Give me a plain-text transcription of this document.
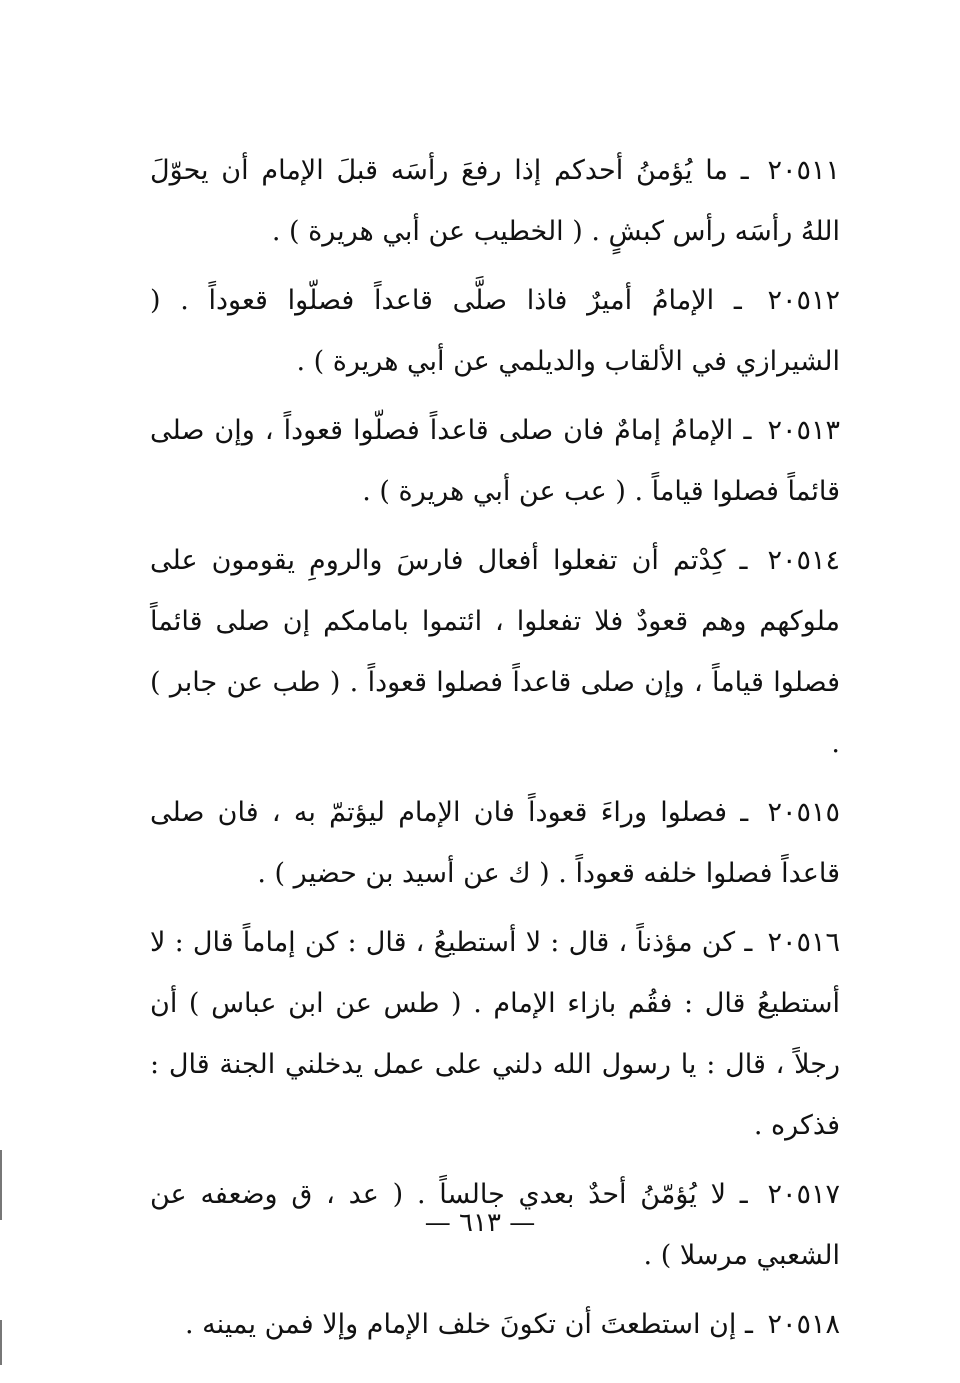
٢٠٥١١ ـ ما يُؤمنُ أحدكم إذا رفعَ رأسَه قبلَ الإمام أن يحوّلَ اللهُ رأسَه رأس كبشٍ . ( الخطيب عن أبي هريرة ) .

٢٠٥١٢ ـ الإمامُ أميرٌ فاذا صلَّى قاعداً فصلّوا قعوداً . ( الشيرازي في الألقاب والديلمي عن أبي هريرة ) .

٢٠٥١٣ ـ الإمامُ إمامٌ فان صلى قاعداً فصلّوا قعوداً ، وإن صلى قائماً فصلوا قياماً . ( عب عن أبي هريرة ) .

٢٠٥١٤ ـ كِدْتم أن تفعلوا أفعال فارسَ والرومِ يقومون على ملوكهم وهم قعودٌ فلا تفعلوا ، ائتموا بامامكم إن صلى قائماً فصلوا قياماً ، وإن صلى قاعداً فصلوا قعوداً . ( طب عن جابر ) .

٢٠٥١٥ ـ فصلوا وراءَ قعوداً فان الإمام ليؤتمّ به ، فان صلى قاعداً فصلوا خلفه قعوداً . ( ك عن أسيد بن حضير ) .

٢٠٥١٦ ـ كن مؤذناً ، قال : لا أستطيعُ ، قال : كن إماماً قال : لا أستطيعُ قال : فقُم بازاء الإمام . ( طس عن ابن عباس ) أن رجلاً ، قال : يا رسول الله دلني على عمل يدخلني الجنة قال : فذكره .

٢٠٥١٧ ـ لا يُؤمّنُ أحدٌ بعدي جالساً . ( عد ، ق وضعفه عن الشعبي مرسلا ) .

٢٠٥١٨ ـ إن استطعتَ أن تكونَ خلف الإمام وإلا فمن يمينه .

— ٦١٣ —
